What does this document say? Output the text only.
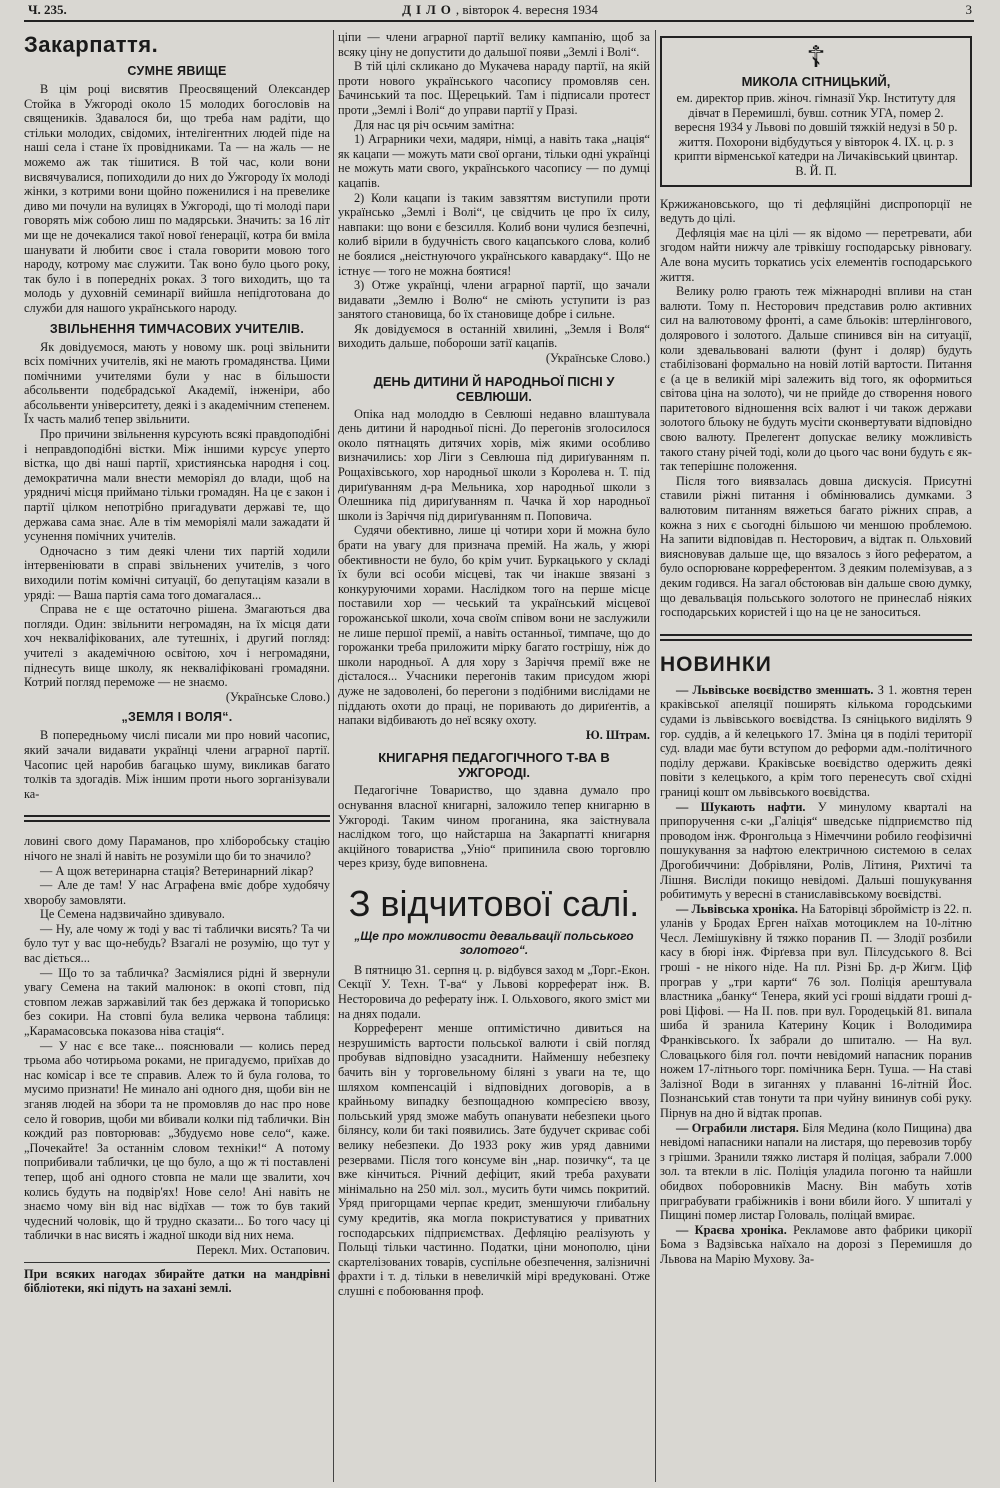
Ч. 235.	ДІЛО, вівторок 4. вересня 1934	3
Закарпаття.
СУМНЕ ЯВИЩЕ

В цім році висвятив Преосвящений Олександер Стойка в Ужгороді около 15 молодих богословів на священиків. Здавалося би, що треба нам радіти, що стільки молодих, свідомих, інтелігентних людей піде на наші села і стане їх провідниками. Та — на жаль — не можемо аж так тішитися. В той час, коли вони висвячувалися, попиходили до них до Ужгороду їх молоді жінки, з котрими вони щойно поженилися і на превелике диво ми почули на вулицях в Ужгороді, що ті молоді пари говорять між собою лиш по мадярськи. Значить: за 16 літ ми ще не дочекалися такої нової ґенерації, котра би вміла шанувати й любити своє і стала говорити мовою того народу, котрому має служити. Так воно було цього року, так було і в попередніх роках. З того виходить, що та молодь у духовній семинарії вийшла непідготована до служби для нашого українського народу.

ЗВІЛЬНЕННЯ ТИМЧАСОВИХ УЧИТЕЛІВ.

Як довідуємося, мають у новому шк. році звільнити всіх помічних учителів, які не мають громадянства. Цими помічними учителями були у нас в більшости абсольвенти подєбрадської Академії, інженіри, або абсольвенти університету, деякі і з академічним степенем. Їх часть малиб тепер звільнити.

Про причини звільнення курсують всякі правдоподібні і неправдоподібні вістки. Між іншими курсує уперто вістка, що дві наші партії, християнська народня і соц. демократична мали внести меморіял до влади, щоб на урядничі місця приймано тільки громадян. На це є закон і партії цілком непотрібно пригадувати державі те, що держава сама знає. Але в тім меморіялі мали зажадати й усунення помічних учителів.

Одночасно з тим деякі члени тих партій ходили інтервеніювати в справі звільнених учителів, з чого виходили потім комічні ситуації, бо депутаціям казали в уряді: — Ваша партія сама того домагалася...

Справа не є ще остаточно рішена. Змагаються два погляди. Один: звільнити негромадян, на їх місця дати хоч некваліфікованих, але тутешніх, і другий погляд: учителі з академічною освітою, хоч і негромадяни, піднесуть вище школу, як некваліфіковані громадяни. Котрий погляд переможе — не знаємо.

(Українське Слово.)

„ЗЕМЛЯ І ВОЛЯ“.

В попередньому числі писали ми про новий часопис, який зачали видавати українці члени аграрної партії. Часопис цей наробив багацько шуму, викликав багато толків та здогадів. Між іншим проти нього зорганізували ка-

ловині свого дому Параманов, про хліборобську стацію нічого не зналі й навіть не розуміли що би то значило?

— А щож ветеринарна стація? Ветеринарний лікар?

— Але де там! У нас Аграфена вміє добре худобячу хворобу замовляти.

Це Семена надзвичайно здивувало.

— Ну, але чому ж тоді у вас ті таблички висять? Та чи було тут у вас що-небудь? Взагалі не розумію, що тут у вас діється...

— Що то за табличка? Засміялися рідні й звернули увагу Семена на такий малюнок: в окопі стовп, під стовпом лежав заржавілий так без держака й топорисько без сокири. На стовпі була велика червона таблиця: „Карамасовська показова ніва стація“.

— У нас є все таке... пояснювали — колись перед трьома або чотирьома роками, не пригадуємо, приїхав до нас комісар і все те справив. Алеж то й була голова, то мусимо признати! Не минало ані одного дня, щоби він не зганяв людей на збори та не промовляв до нас про нове село й говорив, щоби ми вбивали колки під таблички. Він кождий раз повторював: „Збудуємо нове село“, каже. „Почекайте! За останнім словом техніки!“ А потому поприбивали таблички, це що було, а що ж ті поставлені тепер, щоб ані одного стовпа не мали ще звалити, хоч колись будуть на подвір'ях! Нове село! Ані навіть не знаємо чому він від нас відїхав — тож то був такий чудесний чоловік, що й трудно сказати... Бо того часу ці таблички в нас висять і жадної шкоди від них нема.

Перекл. Мих. Остапович.

При всяких нагодах збирайте датки на мандрівні бібліотеки, які підуть на захані землі.

ціпи — члени аграрної партії велику кампанію, щоб за всяку ціну не допустити до дальшої появи „Землі і Волі“.

В тій цілі скликано до Мукачева нараду партії, на якій проти нового українського часопису промовляв сен. Бачинський та пос. Щерецький. Там і підписали протест проти „Землі і Волі“ до управи партії у Празі.

Для нас ця річ осьчим замітна:

1) Аграрники чехи, мадяри, німці, а навіть така „нація“ як кацапи — можуть мати свої органи, тільки одні українці не можуть мати свого, українського часопису — по думці кацапів.

2) Коли кацапи із таким завзяттям виступили проти українсько „Землі і Волі“, це свідчить це про їх силу, навпаки: що вони є безсилля. Колиб вони чулися безпечні, колиб вірили в будучність свого кацапського слова, колиб не боялися „неістнуючого українського кавардаку“. Що не істнує — того не можна боятися!

3) Отже українці, члени аграрної партії, що зачали видавати „Землю і Волю“ не сміють уступити із раз занятого становища, бо їх становище добре і сильне.

Як довідуємося в останній хвилині, „Земля і Воля“ виходить дальше, побороши затії кацапів.

(Українське Слово.)

ДЕНЬ ДИТИНИ Й НАРОДНЬОЇ ПІСНІ У СЕВЛЮШИ.

Опіка над молоддю в Севлюші недавно влаштувала день дитини й народньої пісні. До перегонів зголосилося около пятнацять дитячих хорів, між якими особливо визначились: хор Ліги з Севлюша під дириґуванням п. Рощахівського, хор народньої школи з Королева н. Т. під дириґуванням д-ра Мельника, хор народньої школи з Олешника під дириґуванням п. Чачка й хор народньої школи із Заріччя під дириґуванням п. Поповича.

Судячи обективно, лише ці чотири хори й можна було брати на увагу для признача премій. На жаль, у жюрі обективности не було, бо крім учит. Буркацького у складі їх були всі особи місцеві, так чи інакше звязані з конкуруючими хорами. Наслідком того на перше місце поставили хор — чеський та український місцевої горожанської школи, хоча своїм співом вони не заслужили не лише першої премії, а навіть останньої, тимпаче, що до горожанки треба приложити мірку багато гострішу, ніж до школи народньої. А для хору з Заріччя премії вже не дісталося... Учасники перегонів таким присудом жюрі дуже не задоволені, бо перегони з подібними вислідами не піддають охоти до праці, не поривають до дириґентів, а напаки відбивають до неї всяку охоту.

Ю. Штрам.

КНИГАРНЯ ПЕДАГОГІЧНОГО Т-ВА В УЖГОРОДІ.

Педагогічне Товариство, що здавна думало про оснування власної книгарні, заложило тепер книгарню в Ужгороді. Таким чином проганина, яка заістнувала наслідком того, що найстарша на Закарпатті книгарня акційного товариства „Уніо“ припинила свою торговлю через кризу, буде виповнена.

З відчитової салі.
„Ще про можливости девальвації польського золотого“.

В пятницю 31. серпня ц. р. відбувся заход м „Торг.-Екон. Секції У. Техн. Т-ва“ у Львові корреферат інж. В. Несторовича до реферату інж. І. Ольхового, якого зміст ми на днях подали.

Корреферент менше оптимістично дивиться на незрушимість вартости польської валюти і свій погляд пробував відповідно узасаднити. Найменшу небезпеку бачить він у торговельному біляні з уваги на те, що шляхом компенсацій і відповідних договорів, а в крайньому випадку безпощадною компресією ввозу, польський уряд зможе мабуть опанувати небезпеки цього білянсу, коли би такі появились. Зате будучет скриває собі велику небезпеки. До 1933 року жив уряд давними резервами. Після того консуме він „нар. позичку“, та це вже кінчиться. Річний дефіцит, який треба рахувати мінімально на 250 міл. зол., мусить бути чимсь покритий. Уряд пригорщами черпає кредит, зменшуючи глибальну суму кредитів, яка могла покристуватися у приватних господарських підприємствах. Дефляцію реалізують у Польщі тільки частинно. Податки, ціни монополю, ціни скартелізованих товарів, суспільне обезпечення, залізничні фрахти і т. д. тільки в невеличкій мірі вредуковані. Отже слушні є побоювання проф.

☦
МИКОЛА СІТНИЦЬКИЙ,

ем. директор прив. жіноч. гімназії Укр. Інституту для дівчат в Перемишлі, бувш. сотник УГА, помер 2. вересня 1934 у Львові по довшій тяжкій недузі в 50 р. життя. Похорони відбудуться у вівторок 4. IX. ц. р. з крипти вірменської катедри на Личаківський цвинтар. В. Й. П.

Кржижановського, що ті дефляційні диспропорції не ведуть до цілі.

Дефляція має на цілі — як відомо — перетревати, аби згодом найти нижчу але трівкішу господарську рівновагу. Але вона мусить торкатись усіх елементів господарського життя.

Велику ролю грають теж міжнародні впливи на стан валюти. Тому п. Несторович представив ролю активних сил на валютовому фронті, а саме бльоків: штерлінгового, долярового і золотого. Дальше спинився він на ситуації, коли здевальвовані валюти (фунт і доляр) будуть стабілізовані формально на новій лотій вартости. Питання є (а це в великій мірі залежить від того, як оформиться світова ціна на золото), чи не прийде до створення нового паритетового відношення всіх валют і чи також держави золотого бльоку не будуть мусіти сконвертувати відповідно свою валюту. Прелегент допускає велику можливість такого стану річей тоді, коли до цього час вони будуть є як-так теперішнє положення.

Після того виявзалась довша дискусія. Присутні ставили ріжні питання і обмінювались думками. З валютовим питанням вяжеться багато ріжних справ, а кожна з них є сьогодні більшою чи меншою проблемою. На запити відповідав п. Несторович, а відтак п. Ольховий виясновував дальше ще, що вязалось з його рефератом, а було оспорюване корреферентом. З деяким полемізував, а з деким годився. На загал обстоював він дальше свою думку, що девальвація польського золотого не принеслаб ніяких господарських користей і що на це не заноситься.

НОВИНКИ

— Львівське воєвідство зменшать. З 1. жовтня терен краківської апеляції поширять кількома городськими судами із львівського воєвідства. Із сяніцького виділять 9 гор. суддів, а й келецького 17. Змінa ця в поділі території суд. влади має бути вступом до реформи адм.-політичного поділу держави. Краківське воєвідство одержить деякі повіти з келецького, а крім того перенесуть свої східні границі кошт ом львівського воєвідства.

— Шукають нафти. У минулому кварталі на припоручення с-ки „Галіція“ шведське підприємство під проводом інж. Фронгольца з Німеччини робило геофізичні пошукування за нафтою електричною системою в селах Дрогобиччини: Добрівляни, Ролів, Літиня, Рихтичі та Лішня. Висліди покищо невідомі. Дальші пошукування робитимуть у вересні в станиславівському воєвідстві.

— Львівська хроніка. На Баторівці зброймістр із 22. п. уланів у Бродах Ерген наїхав мотоциклем на 10-літню Чесл. Лемішукiвну й тяжко поранив П. — Злодії розбили касу в бюрі інж. Фірґевза при вул. Пілсудського 8. Всі гроші - не нікого ніде. На пл. Різні Бр. д-р Жигм. Ціф програв у „три карти“ 76 зол. Поліція арештувала властника „банку“ Тенера, який усі гроші віддати гроші д-рові Ціфові. — На II. пов. при вул. Городецькій 81. випала шиба й зранила Катерину Коцик і Володимира Франківського. Їх забрали до шпиталю. — На вул. Словацького біля гол. почти невідомий напасник поранив ножем 17-літнього торг. помічника Берн. Туша. — На ставі Залізної Води в зиганнях у плаванні 16-літній Йос. Познанський став тонути та при чуйну вининув собі руку. Пірнув на дно й відтак пропав.

— Ограбили листаря. Біля Медина (коло Пищина) два невідомі напасники напали на листаря, що перевозив торбу з грішми. Зранили тяжко листаря й поліцая, забрали 7.000 зол. та втекли в ліс. Поліція уладила погоню та найшли обидвох поборовників Масну. Він мабуть хотів приграбувати грабіжників і вони вбили його. У шпиталі у Пищині помер листар Головаль, поліцай вмирає.

— Краєва хроніка. Рекламове авто фабрики цикорії Бома з Вадзівська наїхало на дорозі з Перемишля до Львова на Марію Мухову. За-
